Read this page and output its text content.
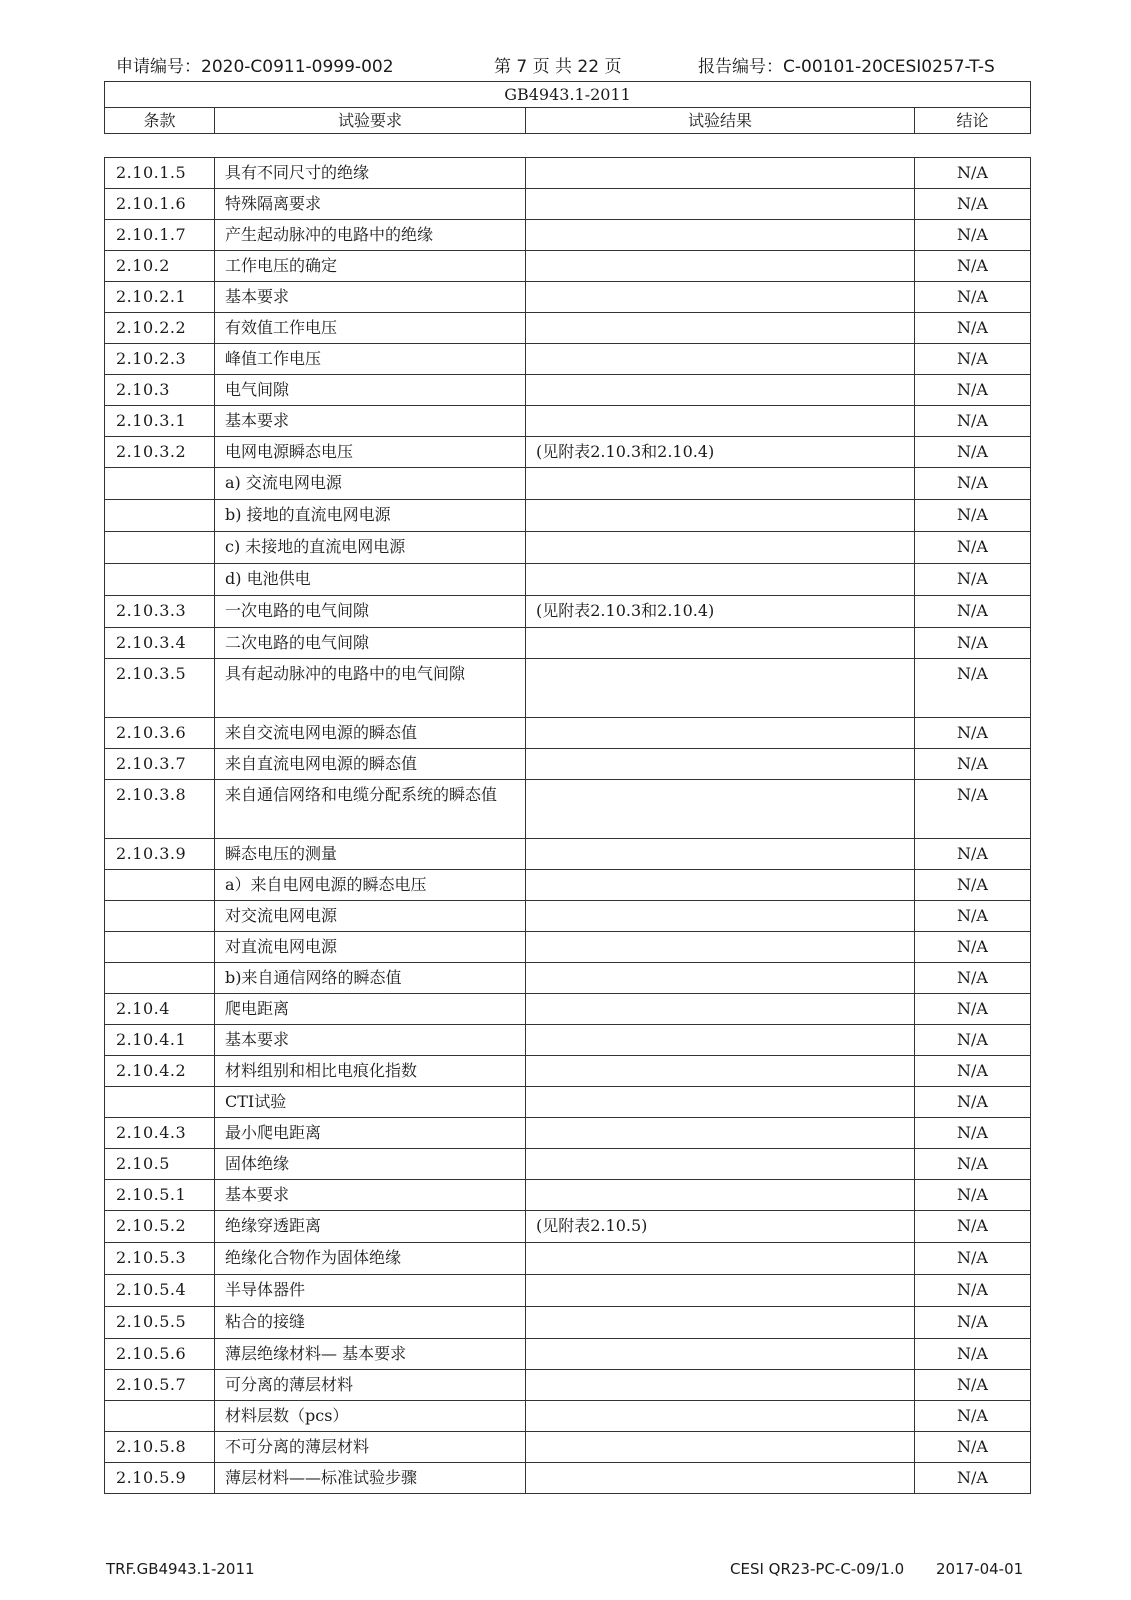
申请编号：2020-C0911-0999-002	第 7 页 共 22 页	报告编号：C-00101-20CESI0257-T-S
GB4943.1-2011
条款	试验要求	试验结果	结论
2.10.1.5	具有不同尺寸的绝缘		N/A
2.10.1.6	特殊隔离要求		N/A
2.10.1.7	产生起动脉冲的电路中的绝缘		N/A
2.10.2	工作电压的确定		N/A
2.10.2.1	基本要求		N/A
2.10.2.2	有效值工作电压		N/A
2.10.2.3	峰值工作电压		N/A
2.10.3	电气间隙		N/A
2.10.3.1	基本要求		N/A
2.10.3.2	电网电源瞬态电压	(见附表2.10.3和2.10.4)	N/A
	a) 交流电网电源		N/A
	b) 接地的直流电网电源		N/A
	c) 未接地的直流电网电源		N/A
	d) 电池供电		N/A
2.10.3.3	一次电路的电气间隙	(见附表2.10.3和2.10.4)	N/A
2.10.3.4	二次电路的电气间隙		N/A
2.10.3.5	具有起动脉冲的电路中的电气间隙		N/A
2.10.3.6	来自交流电网电源的瞬态值		N/A
2.10.3.7	来自直流电网电源的瞬态值		N/A
2.10.3.8	来自通信网络和电缆分配系统的瞬态值		N/A
2.10.3.9	瞬态电压的测量		N/A
	a）来自电网电源的瞬态电压		N/A
	对交流电网电源		N/A
	对直流电网电源		N/A
	b)来自通信网络的瞬态值		N/A
2.10.4	爬电距离		N/A
2.10.4.1	基本要求		N/A
2.10.4.2	材料组别和相比电痕化指数		N/A
	CTI试验		N/A
2.10.4.3	最小爬电距离		N/A
2.10.5	固体绝缘		N/A
2.10.5.1	基本要求		N/A
2.10.5.2	绝缘穿透距离	(见附表2.10.5)	N/A
2.10.5.3	绝缘化合物作为固体绝缘		N/A
2.10.5.4	半导体器件		N/A
2.10.5.5	粘合的接缝		N/A
2.10.5.6	薄层绝缘材料— 基本要求		N/A
2.10.5.7	可分离的薄层材料		N/A
	材料层数（pcs）		N/A
2.10.5.8	不可分离的薄层材料		N/A
2.10.5.9	薄层材料——标准试验步骤		N/A
TRF.GB4943.1-2011	CESI QR23-PC-C-09/1.0 2017-04-01
